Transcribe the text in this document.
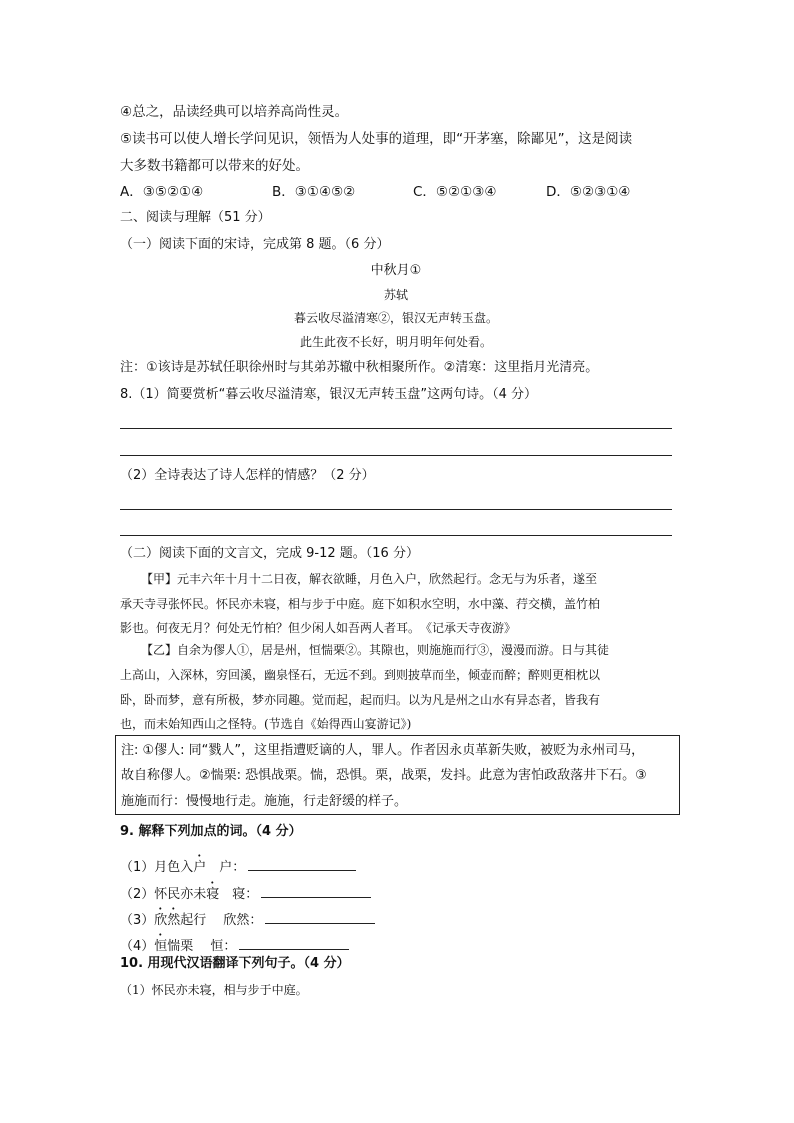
④总之，品读经典可以培养高尚性灵。
⑤读书可以使人增长学问见识，领悟为人处事的道理，即“开茅塞，除鄙见”，这是阅读
大多数书籍都可以带来的好处。
A．③⑤②①④	B．③①④⑤②	C．⑤②①③④	D．⑤②③①④
二、阅读与理解（51 分）
（一）阅读下面的宋诗，完成第 8 题。（6 分）
中秋月①
苏轼
暮云收尽溢清寒②，银汉无声转玉盘。
此生此夜不长好，明月明年何处看。
注：①该诗是苏轼任职徐州时与其弟苏辙中秋相聚所作。②清寒：这里指月光清亮。
8.（1）简要赏析“暮云收尽溢清寒，银汉无声转玉盘”这两句诗。（4 分）
（2）全诗表达了诗人怎样的情感？（2 分）
（二）阅读下面的文言文，完成 9-12 题。（16 分）
【甲】元丰六年十月十二日夜，解衣欲睡，月色入户，欣然起行。念无与为乐者，遂至
承天寺寻张怀民。怀民亦未寝，相与步于中庭。庭下如积水空明，水中藻、荇交横，盖竹柏
影也。何夜无月？何处无竹柏？但少闲人如吾两人者耳。　《记承天寺夜游》
【乙】自余为僇人①，居是州，恒惴栗②。其隙也，则施施而行③，漫漫而游。日与其徒
上高山，入深林，穷回溪，幽泉怪石，无远不到。到则披草而坐，倾壶而醉；醉则更相枕以
卧，卧而梦，意有所极，梦亦同趣。觉而起，起而归。以为凡是州之山水有异态者，皆我有
也，而未始知西山之怪特。(节选自《始得西山宴游记》)
注: ①僇人: 同“戮人”，这里指遭贬谪的人，罪人。作者因永贞革新失败，被贬为永州司马，
故自称僇人。②惴栗: 恐惧战栗。惴，恐惧。栗，战栗，发抖。此意为害怕政敌落井下石。③
施施而行：慢慢地行走。施施，行走舒缓的样子。
9. 解释下列加点的词。（4 分）
（1）月色入户　户：
（2）怀民亦未寝　寝：
（3）欣然起行　 欣然：
（4）恒惴栗　 恒：
10. 用现代汉语翻译下列句子。（4 分）
（1）怀民亦未寝，相与步于中庭。
